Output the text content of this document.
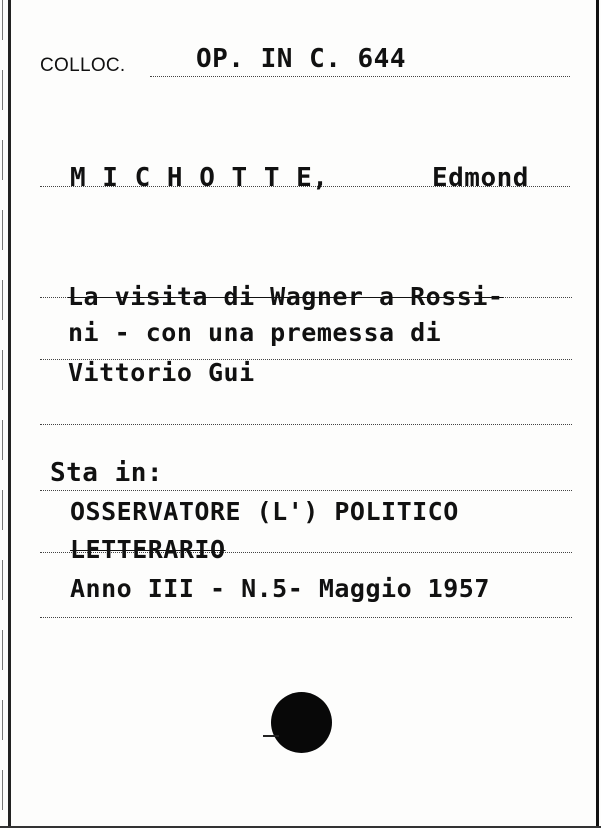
COLLOC.	OP. IN C. 644
M I C H O T T E,	Edmond
La visita di Wagner a Rossi-
ni - con una premessa di
Vittorio Gui
Sta in:
OSSERVATORE (L') POLITICO
LETTERARIO
Anno III - N.5- Maggio 1957
